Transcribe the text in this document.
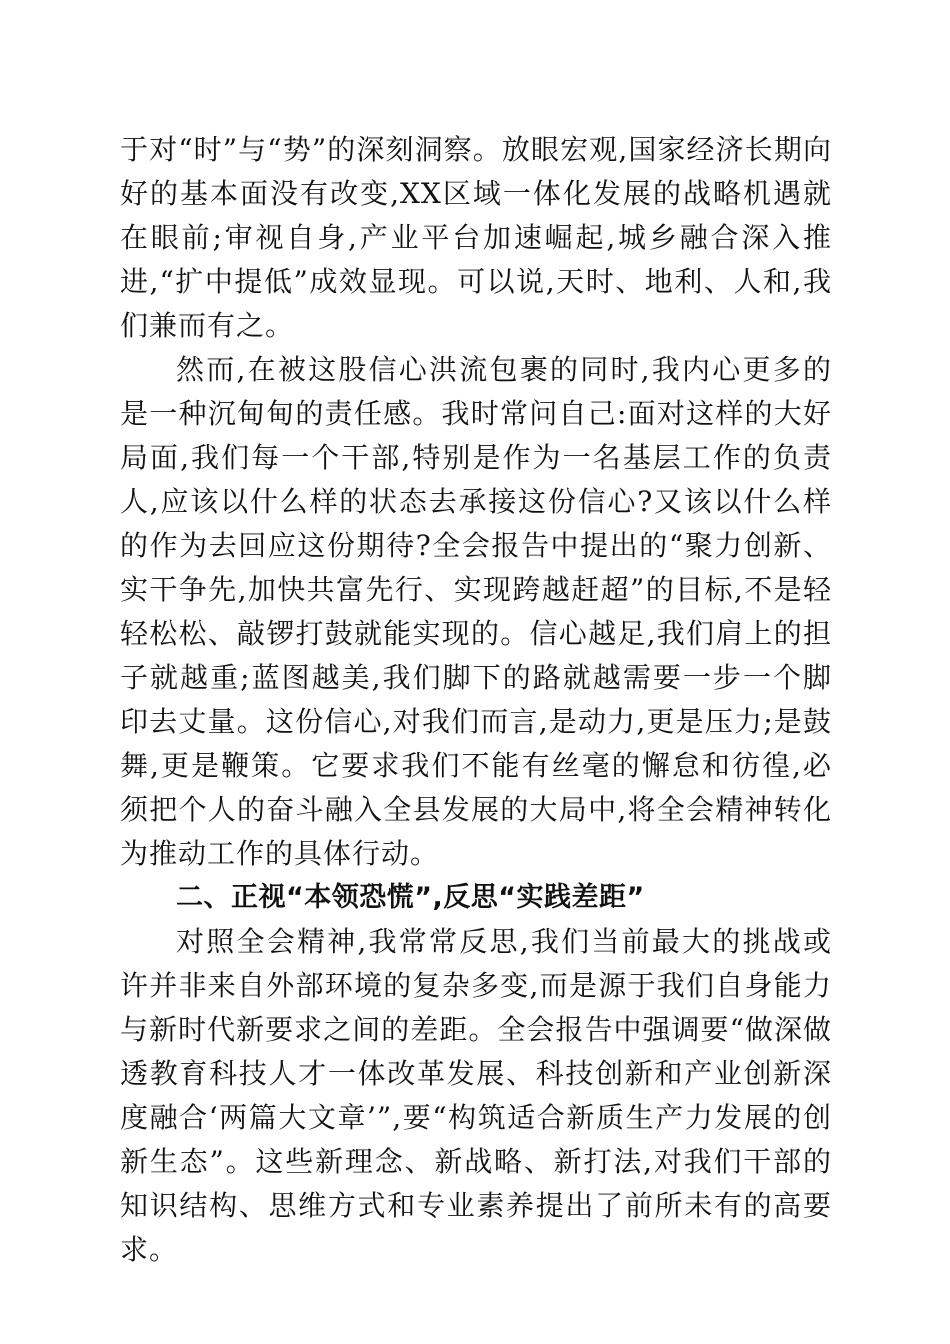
于对“时”与“势”的深刻洞察。放眼宏观,国家经济长期向好的基本面没有改变,XX区域一体化发展的战略机遇就在眼前;审视自身,产业平台加速崛起,城乡融合深入推进,“扩中提低”成效显现。可以说,天时、地利、人和,我们兼而有之。

然而,在被这股信心洪流包裹的同时,我内心更多的是一种沉甸甸的责任感。我时常问自己:面对这样的大好局面,我们每一个干部,特别是作为一名基层工作的负责人,应该以什么样的状态去承接这份信心?又该以什么样的作为去回应这份期待?全会报告中提出的“聚力创新、实干争先,加快共富先行、实现跨越赶超”的目标,不是轻轻松松、敲锣打鼓就能实现的。信心越足,我们肩上的担子就越重;蓝图越美,我们脚下的路就越需要一步一个脚印去丈量。这份信心,对我们而言,是动力,更是压力;是鼓舞,更是鞭策。它要求我们不能有丝毫的懈怠和彷徨,必须把个人的奋斗融入全县发展的大局中,将全会精神转化为推动工作的具体行动。

二、正视“本领恐慌”,反思“实践差距”

对照全会精神,我常常反思,我们当前最大的挑战或许并非来自外部环境的复杂多变,而是源于我们自身能力与新时代新要求之间的差距。全会报告中强调要“做深做透教育科技人才一体改革发展、科技创新和产业创新深度融合‘两篇大文章’”,要“构筑适合新质生产力发展的创新生态”。这些新理念、新战略、新打法,对我们干部的知识结构、思维方式和专业素养提出了前所未有的高要求。
